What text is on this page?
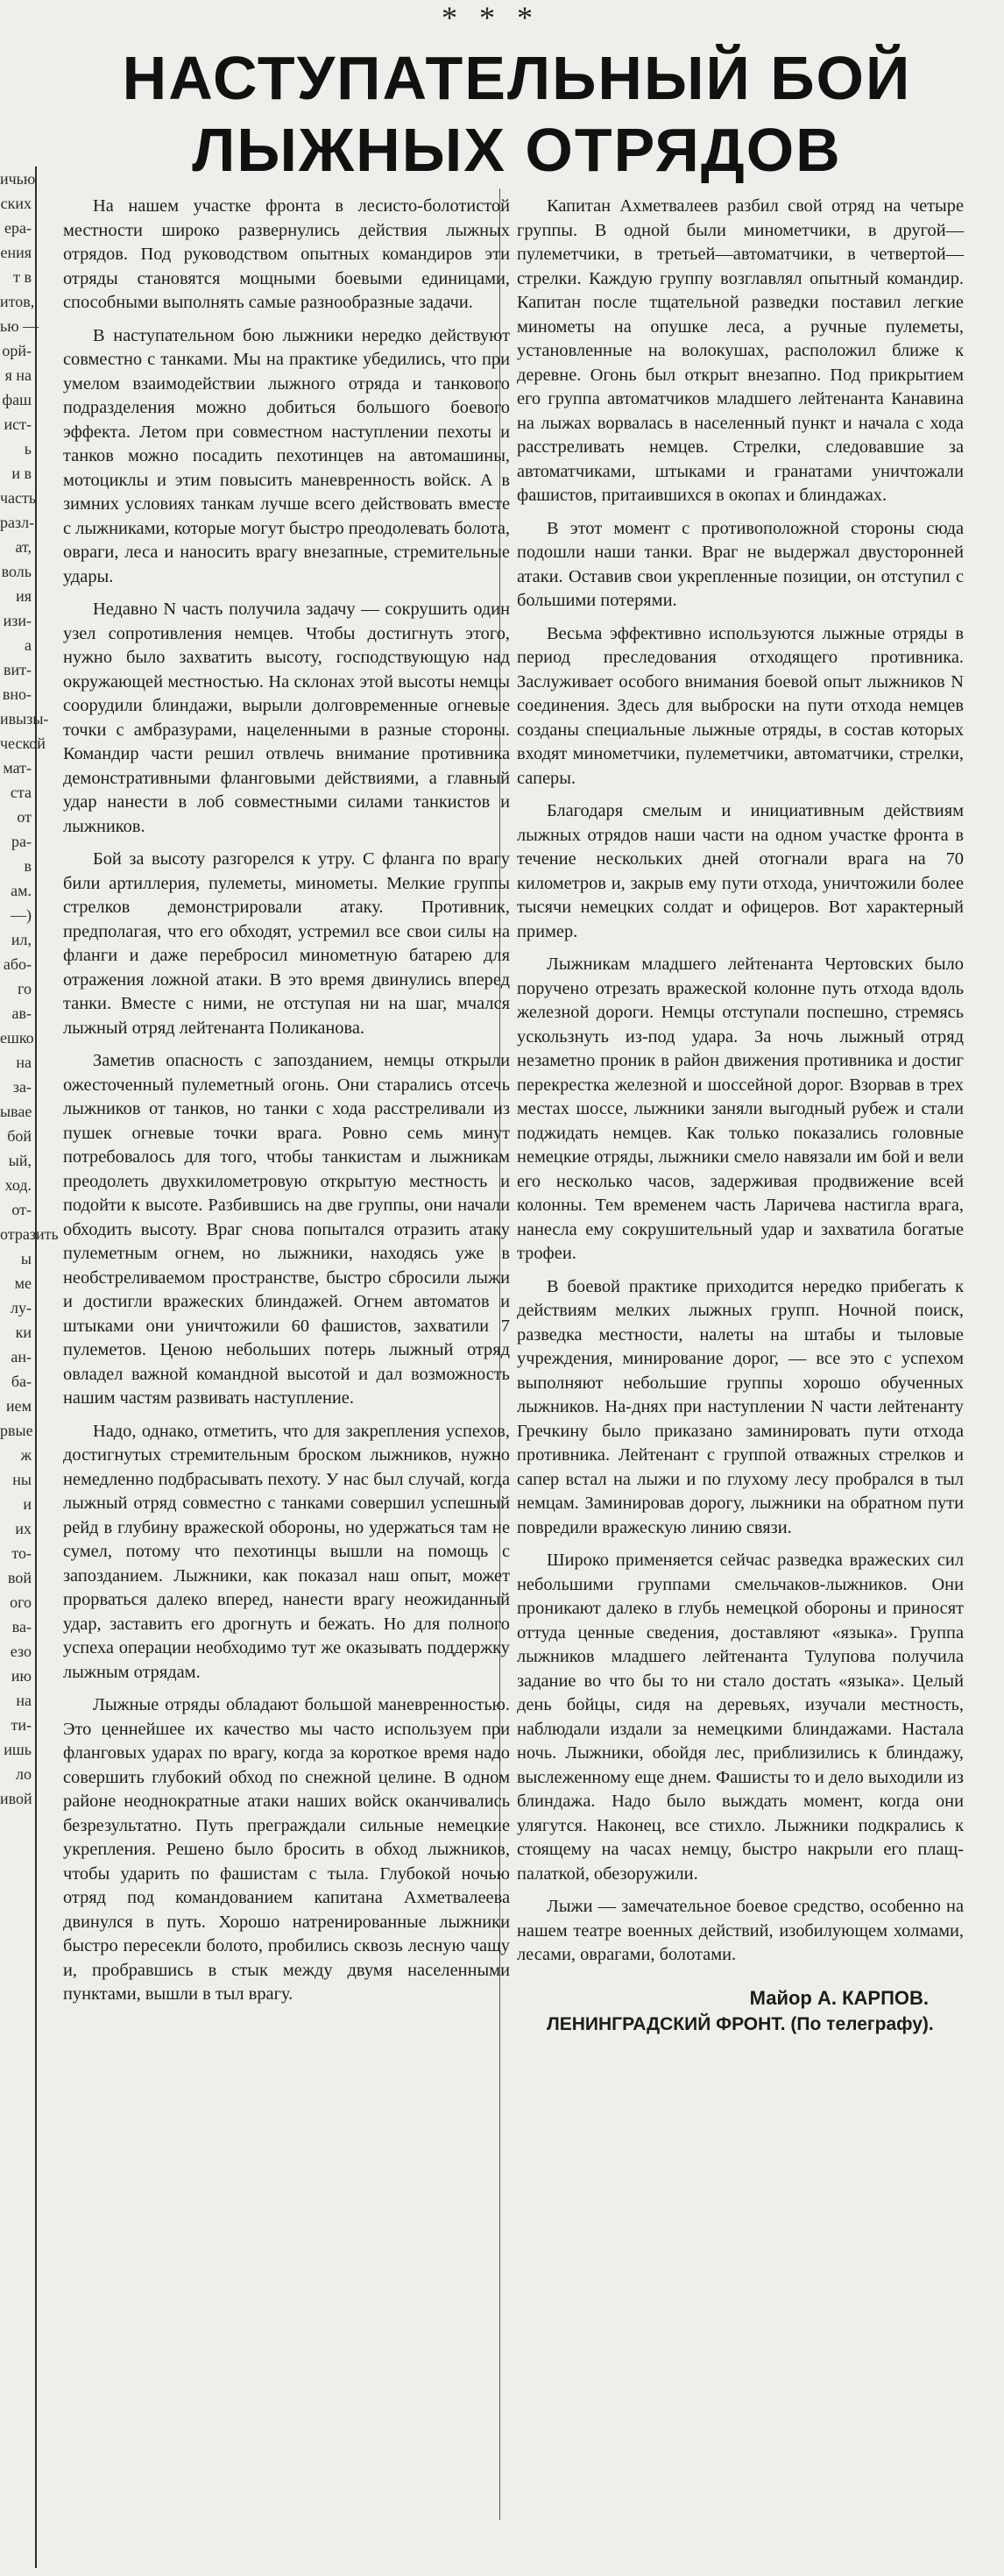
ичью
ских
ера-
ения
т в
итов,
ью —
орй-
я на
фаш
ист-
ь
и в
часть
разл-
ат,
воль
ия
изи-
а
вит-
вно-
ивызы-
ческой
мат-
ста
от
ра-
в
ам.
—)
ил,
або-
го
ав-
ешко
на
за-
ывае
бой
ый,
ход.
от-
отразить
ы
ме
лу-
ки
ан-
ба-
ием
рвые
ж
ны
и
их
то-
вой
ого
ва-
езо
ию
на
ти-
ишь
ло
ивой
* * *
НАСТУПАТЕЛЬНЫЙ БОЙ
ЛЫЖНЫХ ОТРЯДОВ

На нашем участке фронта в лесисто-болотистой местности широко развернулись действия лыжных отрядов. Под руководством опытных командиров эти отряды становятся мощными боевыми единицами, способными выполнять самые разнообразные задачи.

В наступательном бою лыжники нередко действуют совместно с танками. Мы на практике убедились, что при умелом взаимодействии лыжного отряда и танкового подразделения можно добиться большого боевого эффекта. Летом при совместном наступлении пехоты и танков можно посадить пехотинцев на автомашины, мотоциклы и этим повысить маневренность войск. А в зимних условиях танкам лучше всего действовать вместе с лыжниками, которые могут быстро преодолевать болота, овраги, леса и наносить врагу внезапные, стремительные удары.

Недавно N часть получила задачу — сокрушить один узел сопротивления немцев. Чтобы достигнуть этого, нужно было захватить высоту, господствующую над окружающей местностью. На склонах этой высоты немцы соорудили блиндажи, вырыли долговременные огневые точки с амбразурами, нацеленными в разные стороны. Командир части решил отвлечь внимание противника демонстративными фланговыми действиями, а главный удар нанести в лоб совместными силами танкистов и лыжников.

Бой за высоту разгорелся к утру. С фланга по врагу били артиллерия, пулеметы, минометы. Мелкие группы стрелков демонстрировали атаку. Противник, предполагая, что его обходят, устремил все свои силы на фланги и даже перебросил минометную батарею для отражения ложной атаки. В это время двинулись вперед танки. Вместе с ними, не отступая ни на шаг, мчался лыжный отряд лейтенанта Поликанова.

Заметив опасность с запозданием, немцы открыли ожесточенный пулеметный огонь. Они старались отсечь лыжников от танков, но танки с хода расстреливали из пушек огневые точки врага. Ровно семь минут потребовалось для того, чтобы танкистам и лыжникам преодолеть двухкилометровую открытую местность и подойти к высоте. Разбившись на две группы, они начали обходить высоту. Враг снова попытался отразить атаку пулеметным огнем, но лыжники, находясь уже в необстреливаемом пространстве, быстро сбросили лыжи и достигли вражеских блиндажей. Огнем автоматов и штыками они уничтожили 60 фашистов, захватили 7 пулеметов. Ценою небольших потерь лыжный отряд овладел важной командной высотой и дал возможность нашим частям развивать наступление.

Надо, однако, отметить, что для закрепления успехов, достигнутых стремительным броском лыжников, нужно немедленно подбрасывать пехоту. У нас был случай, когда лыжный отряд совместно с танками совершил успешный рейд в глубину вражеской обороны, но удержаться там не сумел, потому что пехотинцы вышли на помощь с запозданием. Лыжники, как показал наш опыт, может прорваться далеко вперед, нанести врагу неожиданный удар, заставить его дрогнуть и бежать. Но для полного успеха операции необходимо тут же оказывать поддержку лыжным отрядам.

Лыжные отряды обладают большой маневренностью. Это ценнейшее их качество мы часто используем при фланговых ударах по врагу, когда за короткое время надо совершить глубокий обход по снежной целине. В одном районе неоднократные атаки наших войск оканчивались безрезультатно. Путь преграждали сильные немецкие укрепления. Решено было бросить в обход лыжников, чтобы ударить по фашистам с тыла. Глубокой ночью отряд под командованием капитана Ахметвалеева двинулся в путь. Хорошо натренированные лыжники быстро пересекли болото, пробились сквозь лесную чащу и, пробравшись в стык между двумя населенными пунктами, вышли в тыл врагу.

Капитан Ахметвалеев разбил свой отряд на четыре группы. В одной были минометчики, в другой—пулеметчики, в третьей—автоматчики, в четвертой—стрелки. Каждую группу возглавлял опытный командир. Капитан после тщательной разведки поставил легкие минометы на опушке леса, а ручные пулеметы, установленные на волокушах, расположил ближе к деревне. Огонь был открыт внезапно. Под прикрытием его группа автоматчиков младшего лейтенанта Канавина на лыжах ворвалась в населенный пункт и начала с хода расстреливать немцев. Стрелки, следовавшие за автоматчиками, штыками и гранатами уничтожали фашистов, притаившихся в окопах и блиндажах.

В этот момент с противоположной стороны сюда подошли наши танки. Враг не выдержал двусторонней атаки. Оставив свои укрепленные позиции, он отступил с большими потерями.

Весьма эффективно используются лыжные отряды в период преследования отходящего противника. Заслуживает особого внимания боевой опыт лыжников N соединения. Здесь для выброски на пути отхода немцев созданы специальные лыжные отряды, в состав которых входят минометчики, пулеметчики, автоматчики, стрелки, саперы.

Благодаря смелым и инициативным действиям лыжных отрядов наши части на одном участке фронта в течение нескольких дней отогнали врага на 70 километров и, закрыв ему пути отхода, уничтожили более тысячи немецких солдат и офицеров. Вот характерный пример.

Лыжникам младшего лейтенанта Чертовских было поручено отрезать вражеской колонне путь отхода вдоль железной дороги. Немцы отступали поспешно, стремясь ускользнуть из-под удара. За ночь лыжный отряд незаметно проник в район движения противника и достиг перекрестка железной и шоссейной дорог. Взорвав в трех местах шоссе, лыжники заняли выгодный рубеж и стали поджидать немцев. Как только показались головные немецкие отряды, лыжники смело навязали им бой и вели его несколько часов, задерживая продвижение всей колонны. Тем временем часть Ларичева настигла врага, нанесла ему сокрушительный удар и захватила богатые трофеи.

В боевой практике приходится нередко прибегать к действиям мелких лыжных групп. Ночной поиск, разведка местности, налеты на штабы и тыловые учреждения, минирование дорог, — все это с успехом выполняют небольшие группы хорошо обученных лыжников. На-днях при наступлении N части лейтенанту Гречкину было приказано заминировать пути отхода противника. Лейтенант с группой отважных стрелков и сапер встал на лыжи и по глухому лесу пробрался в тыл немцам. Заминировав дорогу, лыжники на обратном пути повредили вражескую линию связи.

Широко применяется сейчас разведка вражеских сил небольшими группами смельчаков-лыжников. Они проникают далеко в глубь немецкой обороны и приносят оттуда ценные сведения, доставляют «языка». Группа лыжников младшего лейтенанта Тулупова получила задание во что бы то ни стало достать «языка». Целый день бойцы, сидя на деревьях, изучали местность, наблюдали издали за немецкими блиндажами. Настала ночь. Лыжники, обойдя лес, приблизились к блиндажу, выслеженному еще днем. Фашисты то и дело выходили из блиндажа. Надо было выждать момент, когда они улягутся. Наконец, все стихло. Лыжники подкрались к стоящему на часах немцу, быстро накрыли его плащ-палаткой, обезоружили.

Лыжи — замечательное боевое средство, особенно на нашем театре военных действий, изобилующем холмами, лесами, оврагами, болотами.

Майор А. КАРПОВ.

ЛЕНИНГРАДСКИЙ ФРОНТ. (По телеграфу).
